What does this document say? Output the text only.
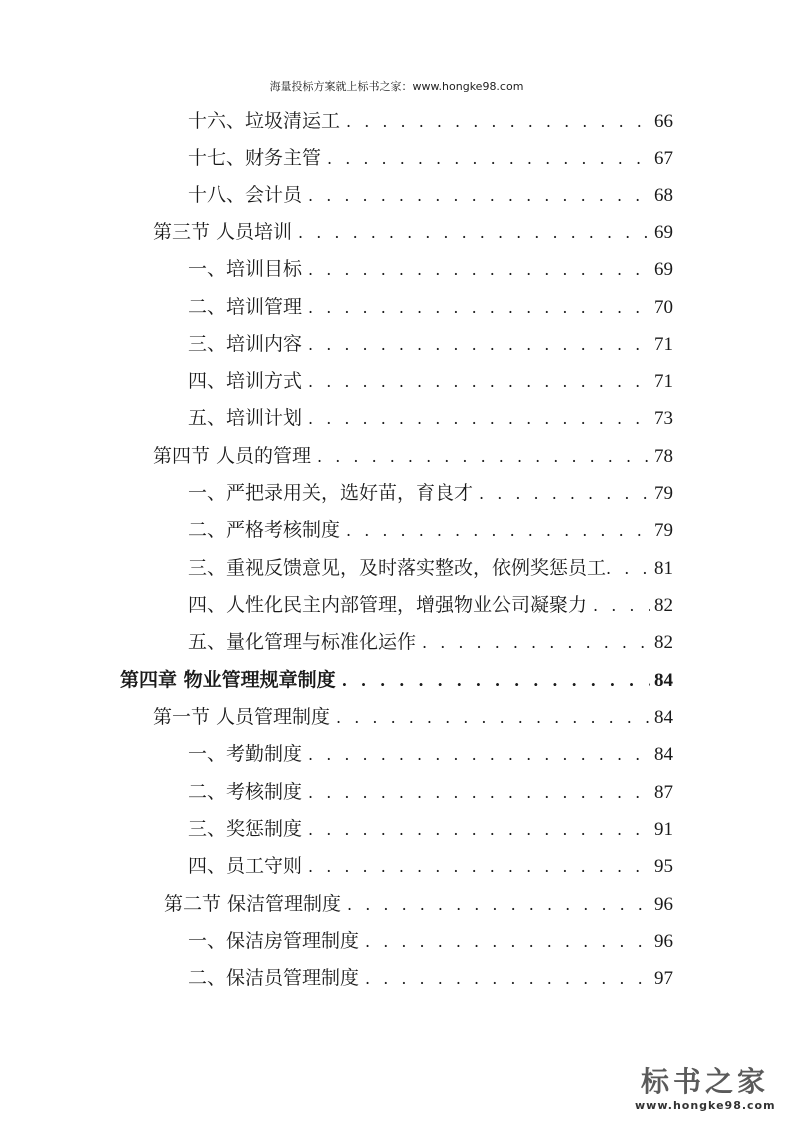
海量投标方案就上标书之家：www.hongke98.com
十六、垃圾清运工 . . .	66
十七、财务主管 . . .	67
十八、会计员 . . .	68
第三节 人员培训 . . .	69
一、培训目标 . . .	69
二、培训管理 . . .	70
三、培训内容 . . .	71
四、培训方式 . . .	71
五、培训计划 . . .	73
第四节 人员的管理 . . .	78
一、严把录用关，选好苗，育良才 . . .	79
二、严格考核制度 . . .	79
三、重视反馈意见，及时落实整改，依例奖惩员工 . . .	81
四、人性化民主内部管理，增强物业公司凝聚力 . . .	82
五、量化管理与标准化运作 . . .	82
第四章 物业管理规章制度 . . .	84
第一节 人员管理制度 . . .	84
一、考勤制度 . . .	84
二、考核制度 . . .	87
三、奖惩制度 . . .	91
四、员工守则 . . .	95
第二节 保洁管理制度 . . .	96
一、保洁房管理制度 . . .	96
二、保洁员管理制度 . . .	97
标书之家
www.hongke98.com
